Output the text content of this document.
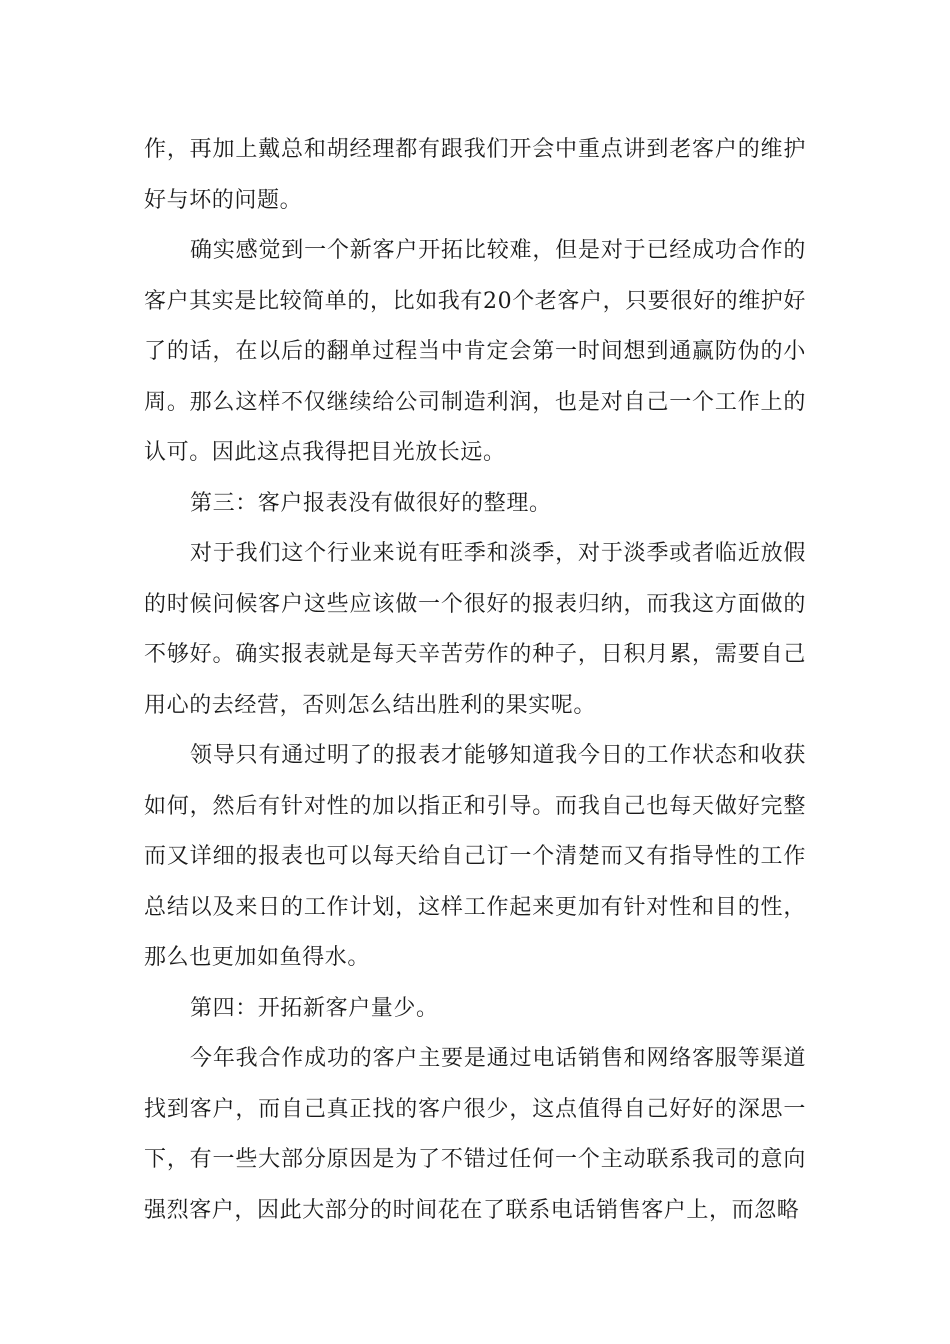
作，再加上戴总和胡经理都有跟我们开会中重点讲到老客户的维护好与坏的问题。

确实感觉到一个新客户开拓比较难，但是对于已经成功合作的客户其实是比较简单的，比如我有20个老客户，只要很好的维护好了的话，在以后的翻单过程当中肯定会第一时间想到通赢防伪的小周。那么这样不仅继续给公司制造利润，也是对自己一个工作上的认可。因此这点我得把目光放长远。

第三：客户报表没有做很好的整理。

对于我们这个行业来说有旺季和淡季，对于淡季或者临近放假的时候问候客户这些应该做一个很好的报表归纳，而我这方面做的不够好。确实报表就是每天辛苦劳作的种子，日积月累，需要自己用心的去经营，否则怎么结出胜利的果实呢。

领导只有通过明了的报表才能够知道我今日的工作状态和收获如何，然后有针对性的加以指正和引导。而我自己也每天做好完整而又详细的报表也可以每天给自己订一个清楚而又有指导性的工作总结以及来日的工作计划，这样工作起来更加有针对性和目的性，那么也更加如鱼得水。

第四：开拓新客户量少。

今年我合作成功的客户主要是通过电话销售和网络客服等渠道找到客户，而自己真正找的客户很少，这点值得自己好好的深思一下，有一些大部分原因是为了不错过任何一个主动联系我司的意向强烈客户，因此大部分的时间花在了联系电话销售客户上，而忽略
